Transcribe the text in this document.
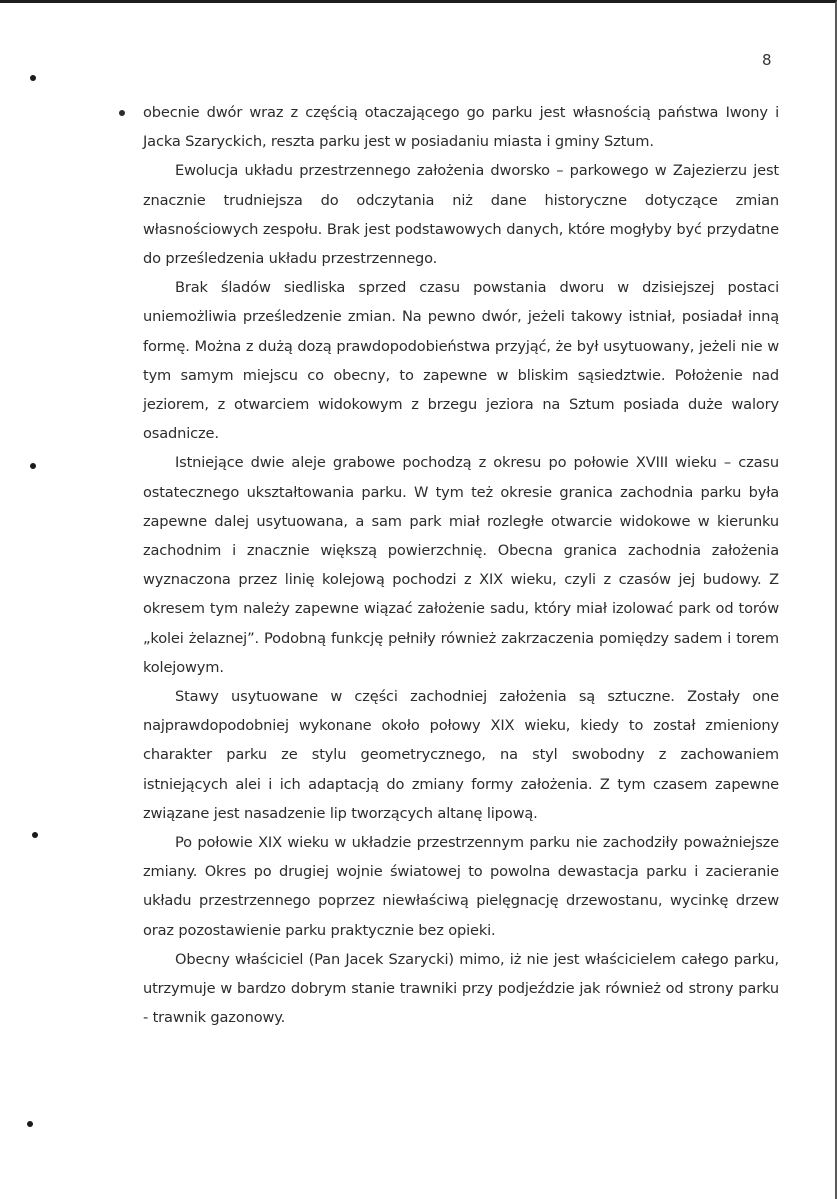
8
obecnie dwór wraz z częścią otaczającego go parku jest własnością państwa Iwony i Jacka Szaryckich, reszta parku jest w posiadaniu miasta i gminy Sztum.

Ewolucja układu przestrzennego założenia dworsko – parkowego w Zajezierzu jest znacznie trudniejsza do odczytania niż dane historyczne dotyczące zmian własnościowych zespołu. Brak jest podstawowych danych, które mogłyby być przydatne do prześledzenia układu przestrzennego.

Brak śladów siedliska sprzed czasu powstania dworu w dzisiejszej postaci uniemożliwia prześledzenie zmian. Na pewno dwór, jeżeli takowy istniał, posiadał inną formę. Można z dużą dozą prawdopodobieństwa przyjąć, że był usytuowany, jeżeli nie w tym samym miejscu co obecny, to zapewne w bliskim sąsiedztwie. Położenie nad jeziorem, z otwarciem widokowym z brzegu jeziora na Sztum posiada duże walory osadnicze.

Istniejące dwie aleje grabowe pochodzą z okresu po połowie XVIII wieku – czasu ostatecznego ukształtowania parku. W tym też okresie granica zachodnia parku była zapewne dalej usytuowana, a sam park miał rozległe otwarcie widokowe w kierunku zachodnim i znacznie większą powierzchnię. Obecna granica zachodnia założenia wyznaczona przez linię kolejową pochodzi z XIX wieku, czyli z czasów jej budowy. Z okresem tym należy zapewne wiązać założenie sadu, który miał izolować park od torów „kolei żelaznej”. Podobną funkcję pełniły również zakrzaczenia pomiędzy sadem i torem kolejowym.

Stawy usytuowane w części zachodniej założenia są sztuczne. Zostały one najprawdopodobniej wykonane około połowy XIX wieku, kiedy to został zmieniony charakter parku ze stylu geometrycznego, na styl swobodny z zachowaniem istniejących alei i ich adaptacją do zmiany formy założenia. Z tym czasem zapewne związane jest nasadzenie lip tworzących altanę lipową.

Po połowie XIX wieku w układzie przestrzennym parku nie zachodziły poważniejsze zmiany. Okres po drugiej wojnie światowej to powolna dewastacja parku i zacieranie układu przestrzennego poprzez niewłaściwą pielęgnację drzewostanu, wycinkę drzew oraz pozostawienie parku praktycznie bez opieki.

Obecny właściciel (Pan Jacek Szarycki) mimo, iż nie jest właścicielem całego parku, utrzymuje w bardzo dobrym stanie trawniki przy podjeździe jak również od strony parku - trawnik gazonowy.
